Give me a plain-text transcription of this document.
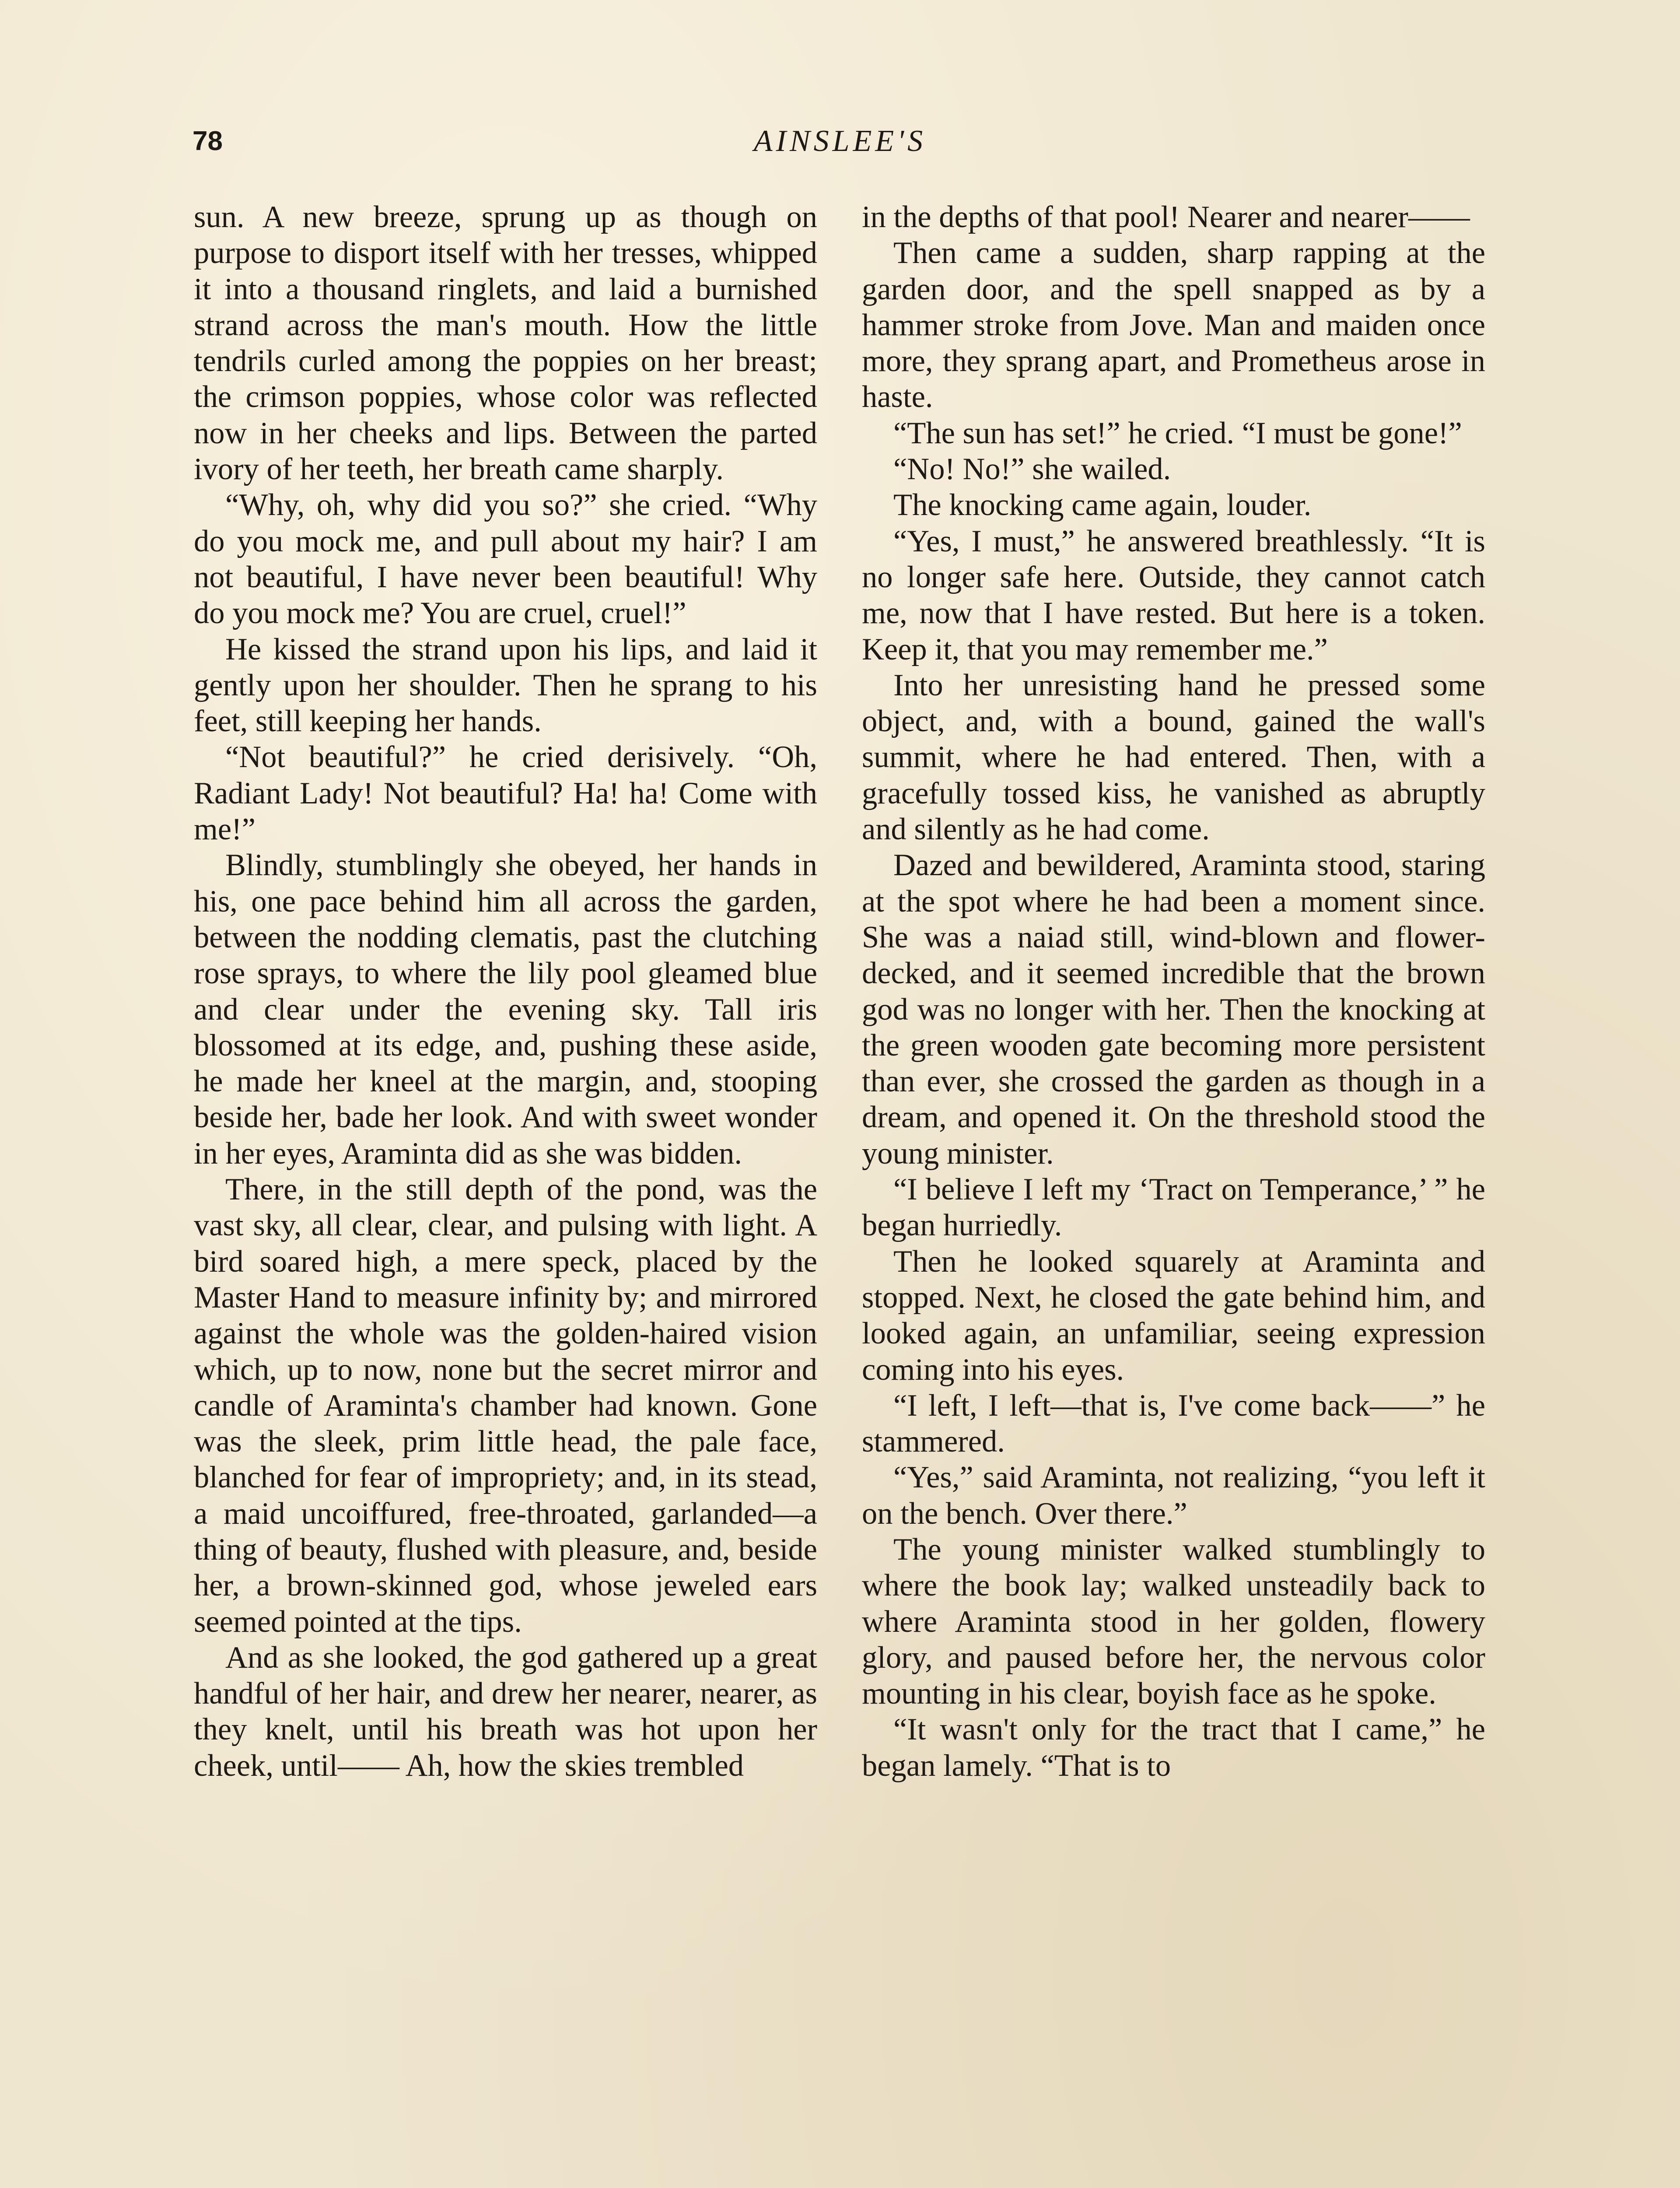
78	AINSLEE'S

sun. A new breeze, sprung up as though on purpose to disport itself with her tresses, whipped it into a thousand ringlets, and laid a burnished strand across the man's mouth. How the little tendrils curled among the poppies on her breast; the crimson poppies, whose color was reflected now in her cheeks and lips. Between the parted ivory of her teeth, her breath came sharply.

“Why, oh, why did you so?” she cried. “Why do you mock me, and pull about my hair? I am not beautiful, I have never been beautiful! Why do you mock me? You are cruel, cruel!”

He kissed the strand upon his lips, and laid it gently upon her shoulder. Then he sprang to his feet, still keeping her hands.

“Not beautiful?” he cried derisively. “Oh, Radiant Lady! Not beautiful? Ha! ha! Come with me!”

Blindly, stumblingly she obeyed, her hands in his, one pace behind him all across the garden, between the nodding clematis, past the clutching rose sprays, to where the lily pool gleamed blue and clear under the evening sky. Tall iris blossomed at its edge, and, pushing these aside, he made her kneel at the margin, and, stooping beside her, bade her look. And with sweet wonder in her eyes, Araminta did as she was bidden.

There, in the still depth of the pond, was the vast sky, all clear, clear, and pulsing with light. A bird soared high, a mere speck, placed by the Master Hand to measure infinity by; and mirrored against the whole was the golden-haired vision which, up to now, none but the secret mirror and candle of Araminta's chamber had known. Gone was the sleek, prim little head, the pale face, blanched for fear of impropriety; and, in its stead, a maid uncoiffured, free-throated, garlanded—a thing of beauty, flushed with pleasure, and, beside her, a brown-skinned god, whose jeweled ears seemed pointed at the tips.

And as she looked, the god gathered up a great handful of her hair, and drew her nearer, nearer, as they knelt, until his breath was hot upon her cheek, until—— Ah, how the skies trembled

in the depths of that pool! Nearer and nearer——

Then came a sudden, sharp rapping at the garden door, and the spell snapped as by a hammer stroke from Jove. Man and maiden once more, they sprang apart, and Prometheus arose in haste.

“The sun has set!” he cried. “I must be gone!”

“No! No!” she wailed.

The knocking came again, louder.

“Yes, I must,” he answered breathlessly. “It is no longer safe here. Outside, they cannot catch me, now that I have rested. But here is a token. Keep it, that you may remember me.”

Into her unresisting hand he pressed some object, and, with a bound, gained the wall's summit, where he had entered. Then, with a gracefully tossed kiss, he vanished as abruptly and silently as he had come.

Dazed and bewildered, Araminta stood, staring at the spot where he had been a moment since. She was a naiad still, wind-blown and flower-decked, and it seemed incredible that the brown god was no longer with her. Then the knocking at the green wooden gate becoming more persistent than ever, she crossed the garden as though in a dream, and opened it. On the threshold stood the young minister.

“I believe I left my ‘Tract on Temperance,’ ” he began hurriedly.

Then he looked squarely at Araminta and stopped. Next, he closed the gate behind him, and looked again, an unfamiliar, seeing expression coming into his eyes.

“I left, I left—that is, I've come back——” he stammered.

“Yes,” said Araminta, not realizing, “you left it on the bench. Over there.”

The young minister walked stumblingly to where the book lay; walked unsteadily back to where Araminta stood in her golden, flowery glory, and paused before her, the nervous color mounting in his clear, boyish face as he spoke.

“It wasn't only for the tract that I came,” he began lamely. “That is to
